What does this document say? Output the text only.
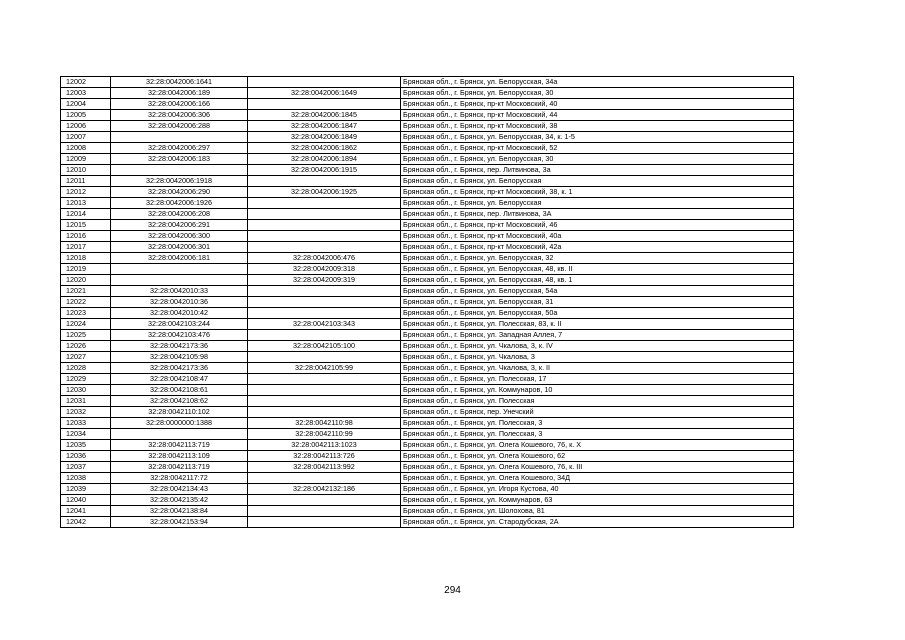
12002	32:28:0042006:1641		Брянская обл., г. Брянск, ул. Белорусская, 34а
12003	32:28:0042006:189	32:28:0042006:1649	Брянская обл., г. Брянск, ул. Белорусская, 30
12004	32:28:0042006:166		Брянская обл., г. Брянск, пр-кт Московский, 40
12005	32:28:0042006:306	32:28:0042006:1845	Брянская обл., г. Брянск, пр-кт Московский, 44
12006	32:28:0042006:288	32:28:0042006:1847	Брянская обл., г. Брянск, пр-кт Московский, 38
12007		32:28:0042006:1849	Брянская обл., г. Брянск, ул. Белорусская, 34, к. 1-5
12008	32:28:0042006:297	32:28:0042006:1862	Брянская обл., г. Брянск, пр-кт Московский, 52
12009	32:28:0042006:183	32:28:0042006:1894	Брянская обл., г. Брянск, ул. Белорусская, 30
12010		32:28:0042006:1915	Брянская обл., г. Брянск, пер. Литвинова, 3а
12011	32:28:0042006:1918		Брянская обл., г. Брянск, ул. Белорусская
12012	32:28:0042006:290	32:28:0042006:1925	Брянская обл., г. Брянск, пр-кт Московский, 38, к. 1
12013	32:28:0042006:1926		Брянская обл., г. Брянск, ул. Белорусская
12014	32:28:0042006:208		Брянская обл., г. Брянск, пер. Литвинова, 3А
12015	32:28:0042006:291		Брянская обл., г. Брянск, пр-кт Московский, 46
12016	32:28:0042006:300		Брянская обл., г. Брянск, пр-кт Московский, 40а
12017	32:28:0042006:301		Брянская обл., г. Брянск, пр-кт Московский, 42а
12018	32:28:0042006:181	32:28:0042006:476	Брянская обл., г. Брянск, ул. Белорусская, 32
12019		32:28:0042009:318	Брянская обл., г. Брянск, ул. Белорусская, 48, кв. II
12020		32:28:0042009:319	Брянская обл., г. Брянск, ул. Белорусская, 48, кв. 1
12021	32:28:0042010:33		Брянская обл., г. Брянск, ул. Белорусская, 54а
12022	32:28:0042010:36		Брянская обл., г. Брянск, ул. Белорусская, 31
12023	32:28:0042010:42		Брянская обл., г. Брянск, ул. Белорусская, 50а
12024	32:28:0042103:244	32:28:0042103:343	Брянская обл., г. Брянск, ул. Полесская, 83, к. II
12025	32:28:0042103:476		Брянская обл., г. Брянск, ул. Западная Аллея, 7
12026	32:28:0042173:36	32:28:0042105:100	Брянская обл., г. Брянск, ул. Чкалова, 3, к. IV
12027	32:28:0042105:98		Брянская обл., г. Брянск, ул. Чкалова, 3
12028	32:28:0042173:36	32:28:0042105:99	Брянская обл., г. Брянск, ул. Чкалова, 3, к. II
12029	32:28:0042108:47		Брянская обл., г. Брянск, ул. Полесская, 17
12030	32:28:0042108:61		Брянская обл., г. Брянск, ул. Коммунаров, 10
12031	32:28:0042108:62		Брянская обл., г. Брянск, ул. Полесская
12032	32:28:0042110:102		Брянская обл., г. Брянск, пер. Унечский
12033	32:28:0000000:1388	32:28:0042110:98	Брянская обл., г. Брянск, ул. Полесская, 3
12034		32:28:0042110:99	Брянская обл., г. Брянск, ул. Полесская, 3
12035	32:28:0042113:719	32:28:0042113:1023	Брянская обл., г. Брянск, ул. Олега Кошевого, 76, к. X
12036	32:28:0042113:109	32:28:0042113:726	Брянская обл., г. Брянск, ул. Олега Кошевого, 62
12037	32:28:0042113:719	32:28:0042113:992	Брянская обл., г. Брянск, ул. Олега Кошевого, 76, к. III
12038	32:28:0042117:72		Брянская обл., г. Брянск, ул. Олега Кошевого, 34Д
12039	32:28:0042134:43	32:28:0042132:186	Брянская обл., г. Брянск, ул. Игоря Кустова, 40
12040	32:28:0042135:42		Брянская обл., г. Брянск, ул. Коммунаров, 63
12041	32:28:0042138:84		Брянская обл., г. Брянск, ул. Шолохова, 81
12042	32:28:0042153:94		Брянская обл., г. Брянск, ул. Стародубская, 2А
294
